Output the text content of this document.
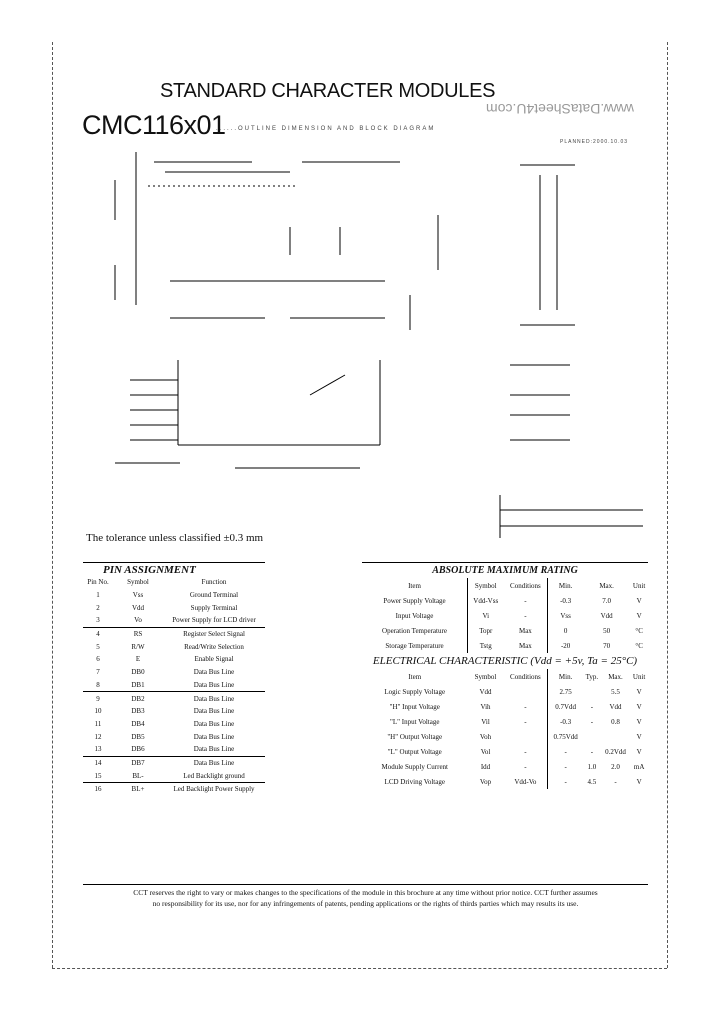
STANDARD CHARACTER MODULES
CMC116x01
......OUTLINE DIMENSION AND BLOCK DIAGRAM
www.DataSheet4U.com
PLANNED:2000.10.03
The tolerance unless classified ±0.3 mm
PIN ASSIGNMENT		
Pin No.	Symbol	Function
1	Vss	Ground Terminal
2	Vdd	Supply Terminal
3	Vo	Power Supply for LCD driver
4	RS	Register Select Signal
5	R/W	Read/Write Selection
6	E	Enable Signal
7	DB0	Data Bus Line
8	DB1	Data Bus Line
9	DB2	Data Bus Line
10	DB3	Data Bus Line
11	DB4	Data Bus Line
12	DB5	Data Bus Line
13	DB6	Data Bus Line
14	DB7	Data Bus Line
15	BL-	Led Backlight ground
16	BL+	Led Backlight Power Supply
ABSOLUTE MAXIMUM RATING						
Item	Symbol	Conditions	Min.	Max.		Unit
Power Supply Voltage	Vdd-Vss	-	-0.3	7.0		V
Input Voltage	Vi	-	Vss	Vdd		V
Operation Temperature	Topr	Max	0	50		°C
Storage Temperature	Tstg	Max	-20	70		°C
ELECTRICAL CHARACTERISTIC (Vdd = +5v, Ta = 25°C)						
Item	Symbol	Conditions	Min.	Typ.	Max.	Unit
Logic Supply Voltage	Vdd		2.75		5.5	V
"H" Input Voltage	Vih	-	0.7Vdd	-	Vdd	V
"L" Input Voltage	Vil	-	-0.3	-	0.8	V
"H" Output Voltage	Voh		0.75Vdd			V
"L" Output Voltage	Vol	-	-	-	0.2Vdd	V
Module Supply Current	Idd	-	-	1.0	2.0	mA
LCD Driving Voltage	Vop	Vdd-Vo	-	4.5	-	V
CCT reserves the right to vary or makes changes to the specifications of the module in this brochure at any time without prior notice. CCT further assumes
no responsibility for its use, nor for any infringements of patents, pending applications or the rights of thirds parties which may results its use.
